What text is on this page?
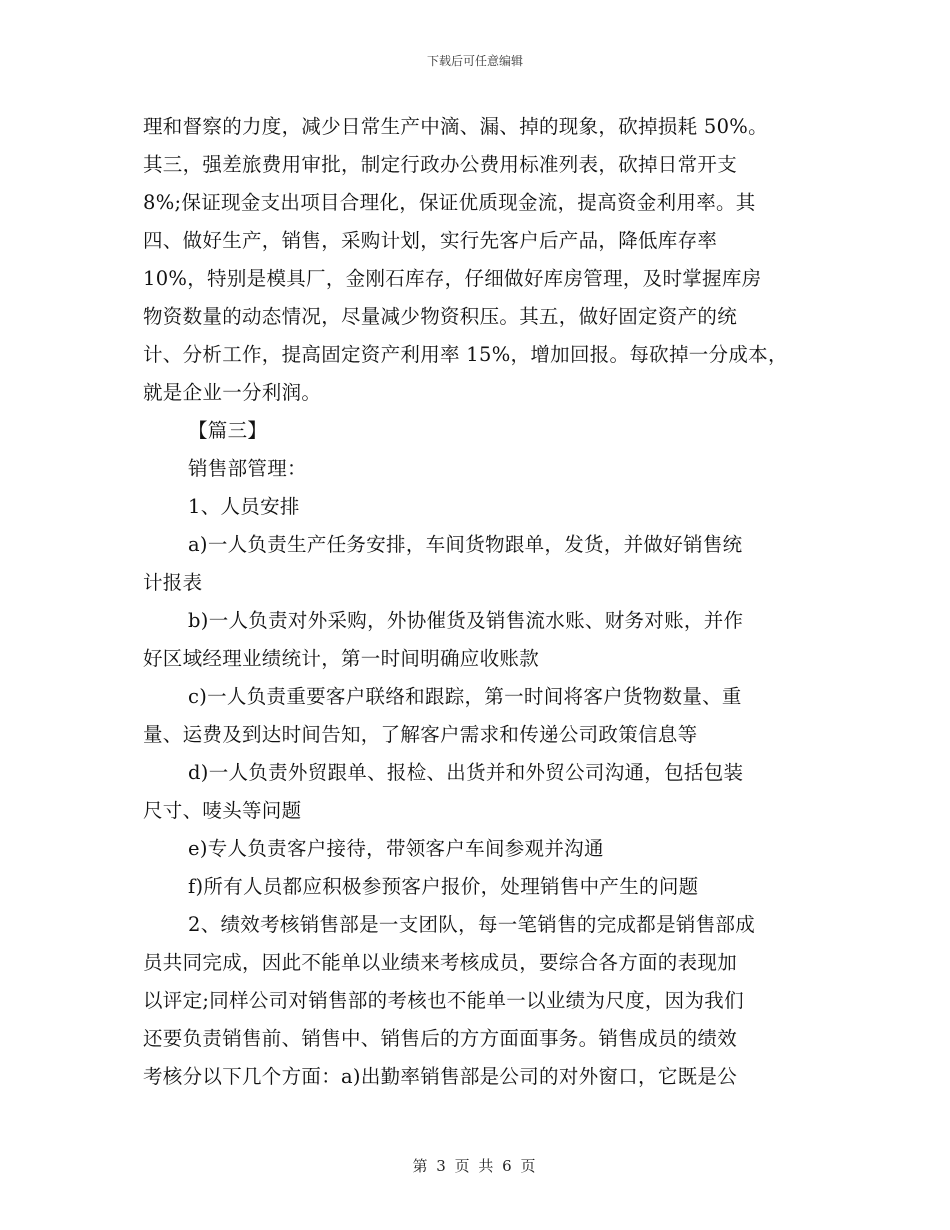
下载后可任意编辑
理和督察的力度，减少日常生产中滴、漏、掉的现象，砍掉损耗 50%。
其三，强差旅费用审批，制定行政办公费用标准列表，砍掉日常开支
8%;保证现金支出项目合理化，保证优质现金流，提高资金利用率。其
四、做好生产，销售，采购计划，实行先客户后产品，降低库存率
10%，特别是模具厂，金刚石库存，仔细做好库房管理，及时掌握库房
物资数量的动态情况，尽量减少物资积压。其五，做好固定资产的统
计、分析工作，提高固定资产利用率 15%，增加回报。每砍掉一分成本，
就是企业一分利润。
【篇三】
销售部管理：
1、人员安排
a)一人负责生产任务安排，车间货物跟单，发货，并做好销售统
计报表
b)一人负责对外采购，外协催货及销售流水账、财务对账，并作
好区域经理业绩统计，第一时间明确应收账款
c)一人负责重要客户联络和跟踪，第一时间将客户货物数量、重
量、运费及到达时间告知，了解客户需求和传递公司政策信息等
d)一人负责外贸跟单、报检、出货并和外贸公司沟通，包括包装
尺寸、唛头等问题
e)专人负责客户接待，带领客户车间参观并沟通
f)所有人员都应积极参预客户报价，处理销售中产生的问题
2、绩效考核销售部是一支团队，每一笔销售的完成都是销售部成
员共同完成，因此不能单以业绩来考核成员，要综合各方面的表现加
以评定;同样公司对销售部的考核也不能单一以业绩为尺度，因为我们
还要负责销售前、销售中、销售后的方方面面事务。销售成员的绩效
考核分以下几个方面：a)出勤率销售部是公司的对外窗口，它既是公
第 3 页 共 6 页
